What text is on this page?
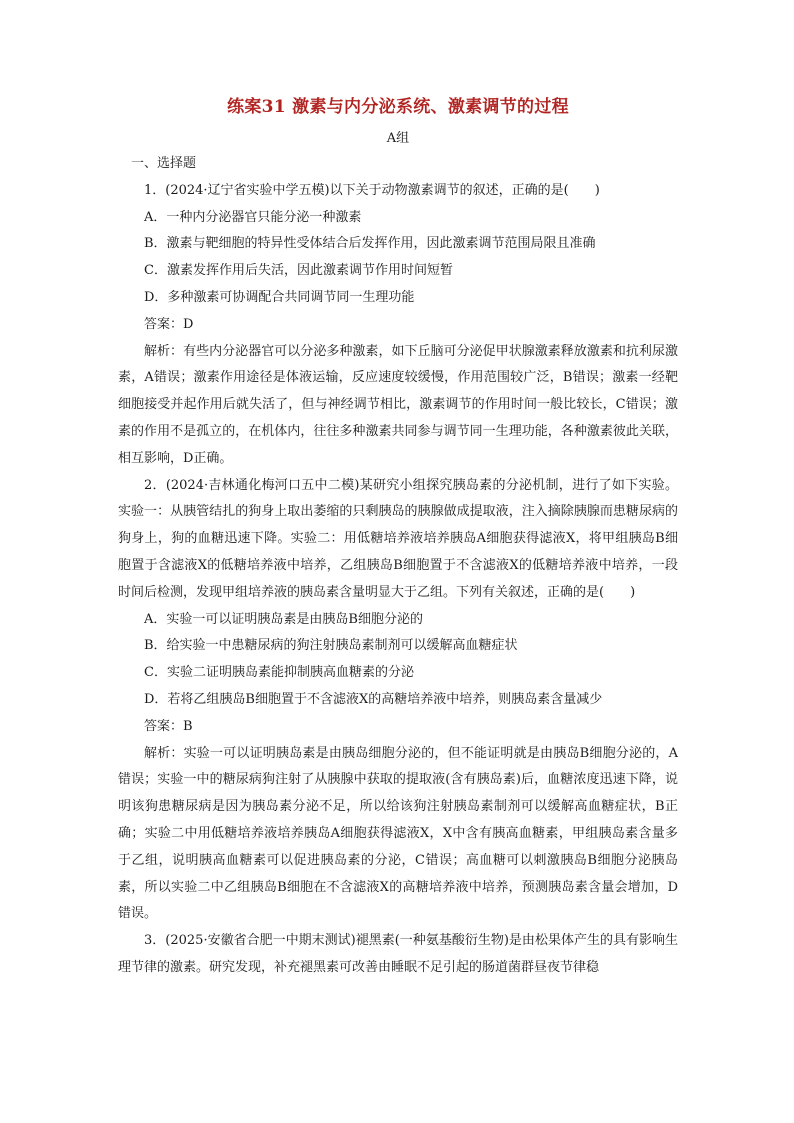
练案31 激素与内分泌系统、激素调节的过程
A组

一、选择题

1．(2024·辽宁省实验中学五模)以下关于动物激素调节的叙述，正确的是(　　)

A．一种内分泌器官只能分泌一种激素

B．激素与靶细胞的特异性受体结合后发挥作用，因此激素调节范围局限且准确

C．激素发挥作用后失活，因此激素调节作用时间短暂

D．多种激素可协调配合共同调节同一生理功能

答案：D

解析：有些内分泌器官可以分泌多种激素，如下丘脑可分泌促甲状腺激素释放激素和抗利尿激素，A错误；激素作用途径是体液运输，反应速度较缓慢，作用范围较广泛，B错误；激素一经靶细胞接受并起作用后就失活了，但与神经调节相比，激素调节的作用时间一般比较长，C错误；激素的作用不是孤立的，在机体内，往往多种激素共同参与调节同一生理功能，各种激素彼此关联，相互影响，D正确。

2．(2024·吉林通化梅河口五中二模)某研究小组探究胰岛素的分泌机制，进行了如下实验。实验一：从胰管结扎的狗身上取出萎缩的只剩胰岛的胰腺做成提取液，注入摘除胰腺而患糖尿病的狗身上，狗的血糖迅速下降。实验二：用低糖培养液培养胰岛A细胞获得滤液X，将甲组胰岛B细胞置于含滤液X的低糖培养液中培养，乙组胰岛B细胞置于不含滤液X的低糖培养液中培养，一段时间后检测，发现甲组培养液的胰岛素含量明显大于乙组。下列有关叙述，正确的是(　　)

A．实验一可以证明胰岛素是由胰岛B细胞分泌的

B．给实验一中患糖尿病的狗注射胰岛素制剂可以缓解高血糖症状

C．实验二证明胰岛素能抑制胰高血糖素的分泌

D．若将乙组胰岛B细胞置于不含滤液X的高糖培养液中培养，则胰岛素含量减少

答案：B

解析：实验一可以证明胰岛素是由胰岛细胞分泌的，但不能证明就是由胰岛B细胞分泌的，A错误；实验一中的糖尿病狗注射了从胰腺中获取的提取液(含有胰岛素)后，血糖浓度迅速下降，说明该狗患糖尿病是因为胰岛素分泌不足，所以给该狗注射胰岛素制剂可以缓解高血糖症状，B正确；实验二中用低糖培养液培养胰岛A细胞获得滤液X，X中含有胰高血糖素，甲组胰岛素含量多于乙组，说明胰高血糖素可以促进胰岛素的分泌，C错误；高血糖可以刺激胰岛B细胞分泌胰岛素，所以实验二中乙组胰岛B细胞在不含滤液X的高糖培养液中培养，预测胰岛素含量会增加，D错误。

3．(2025·安徽省合肥一中期末测试)褪黑素(一种氨基酸衍生物)是由松果体产生的具有影响生理节律的激素。研究发现，补充褪黑素可改善由睡眠不足引起的肠道菌群昼夜节律稳
